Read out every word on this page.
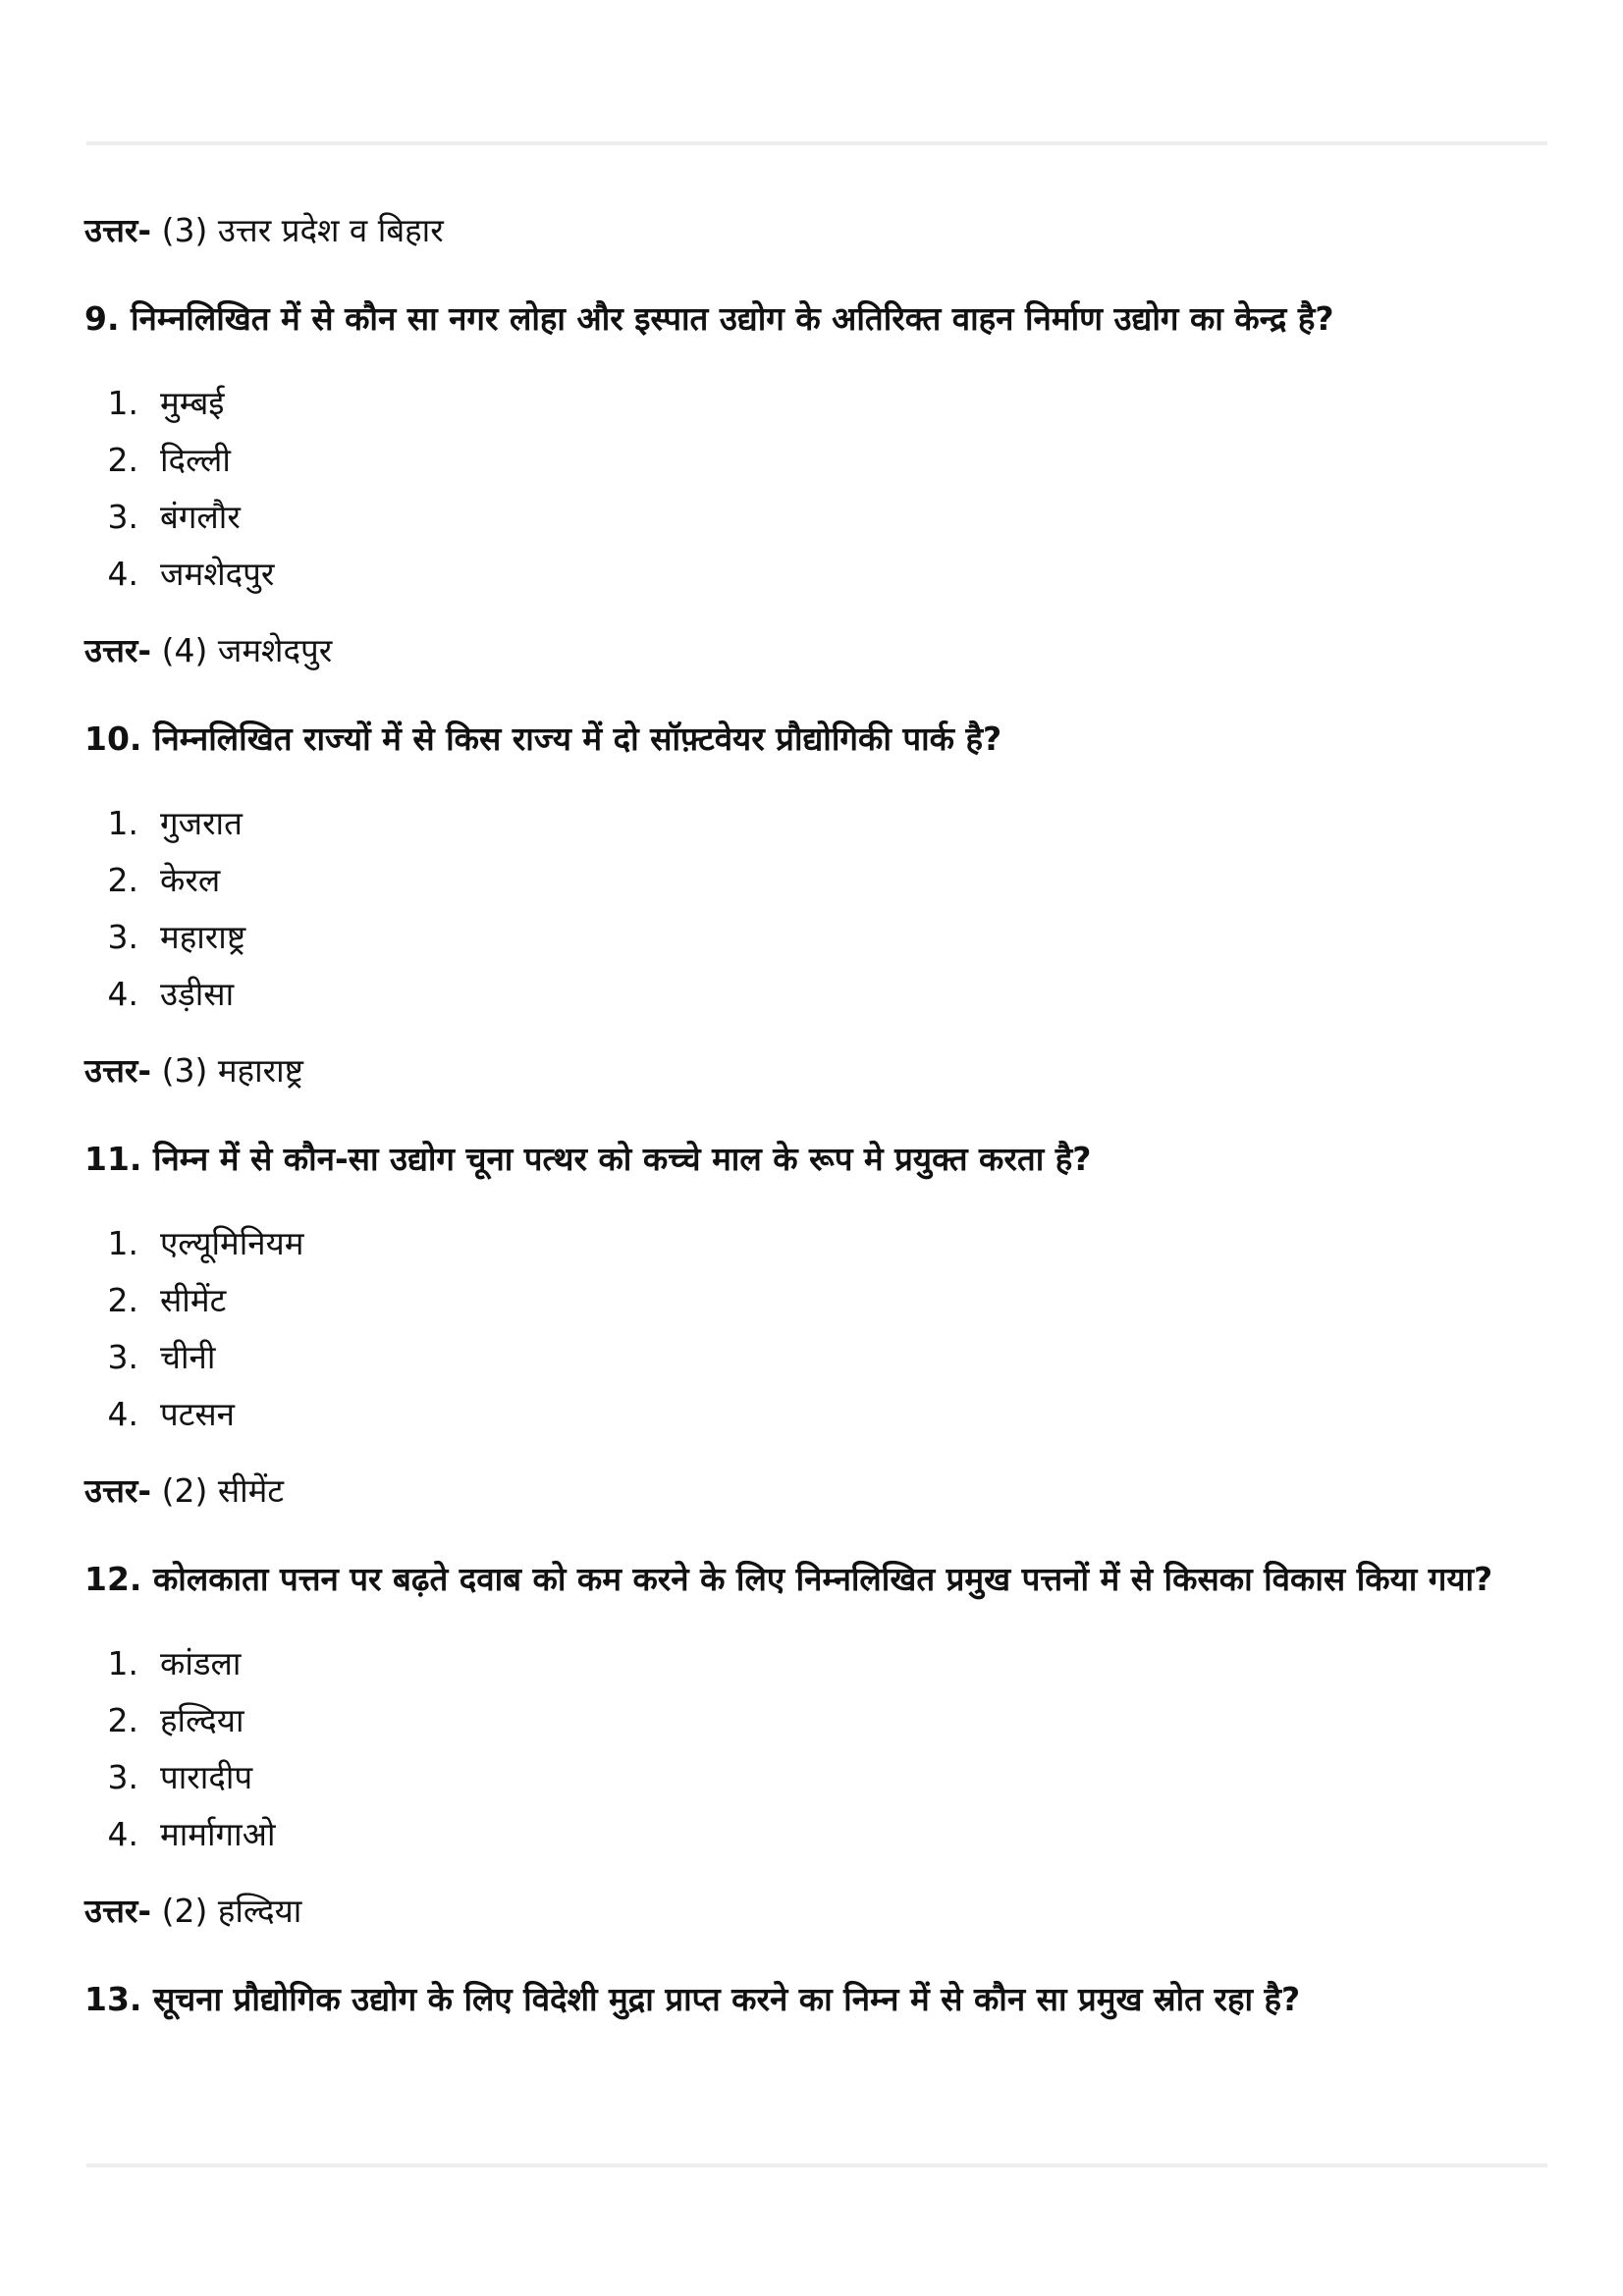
उत्तर- (3) उत्तर प्रदेश व बिहार
9. निम्नलिखित में से कौन सा नगर लोहा और इस्पात उद्योग के अतिरिक्त वाहन निर्माण उद्योग का केन्द्र है?
1. मुम्बई
2. दिल्ली
3. बंगलौर
4. जमशेदपुर
उत्तर- (4) जमशेदपुर
10. निम्नलिखित राज्यों में से किस राज्य में दो सॉफ़्टवेयर प्रौद्योगिकी पार्क है?
1. गुजरात
2. केरल
3. महाराष्ट्र
4. उड़ीसा
उत्तर- (3) महाराष्ट्र
11. निम्न में से कौन-सा उद्योग चूना पत्थर को कच्चे माल के रूप मे प्रयुक्त करता है?
1. एल्यूमिनियम
2. सीमेंट
3. चीनी
4. पटसन
उत्तर- (2) सीमेंट
12. कोलकाता पत्तन पर बढ़ते दवाब को कम करने के लिए निम्नलिखित प्रमुख पत्तनों में से किसका विकास किया गया?
1. कांडला
2. हल्दिया
3. पारादीप
4. मार्मागाओ
उत्तर- (2) हल्दिया
13. सूचना प्रौद्योगिक उद्योग के लिए विदेशी मुद्रा प्राप्त करने का निम्न में से कौन सा प्रमुख स्रोत रहा है?
